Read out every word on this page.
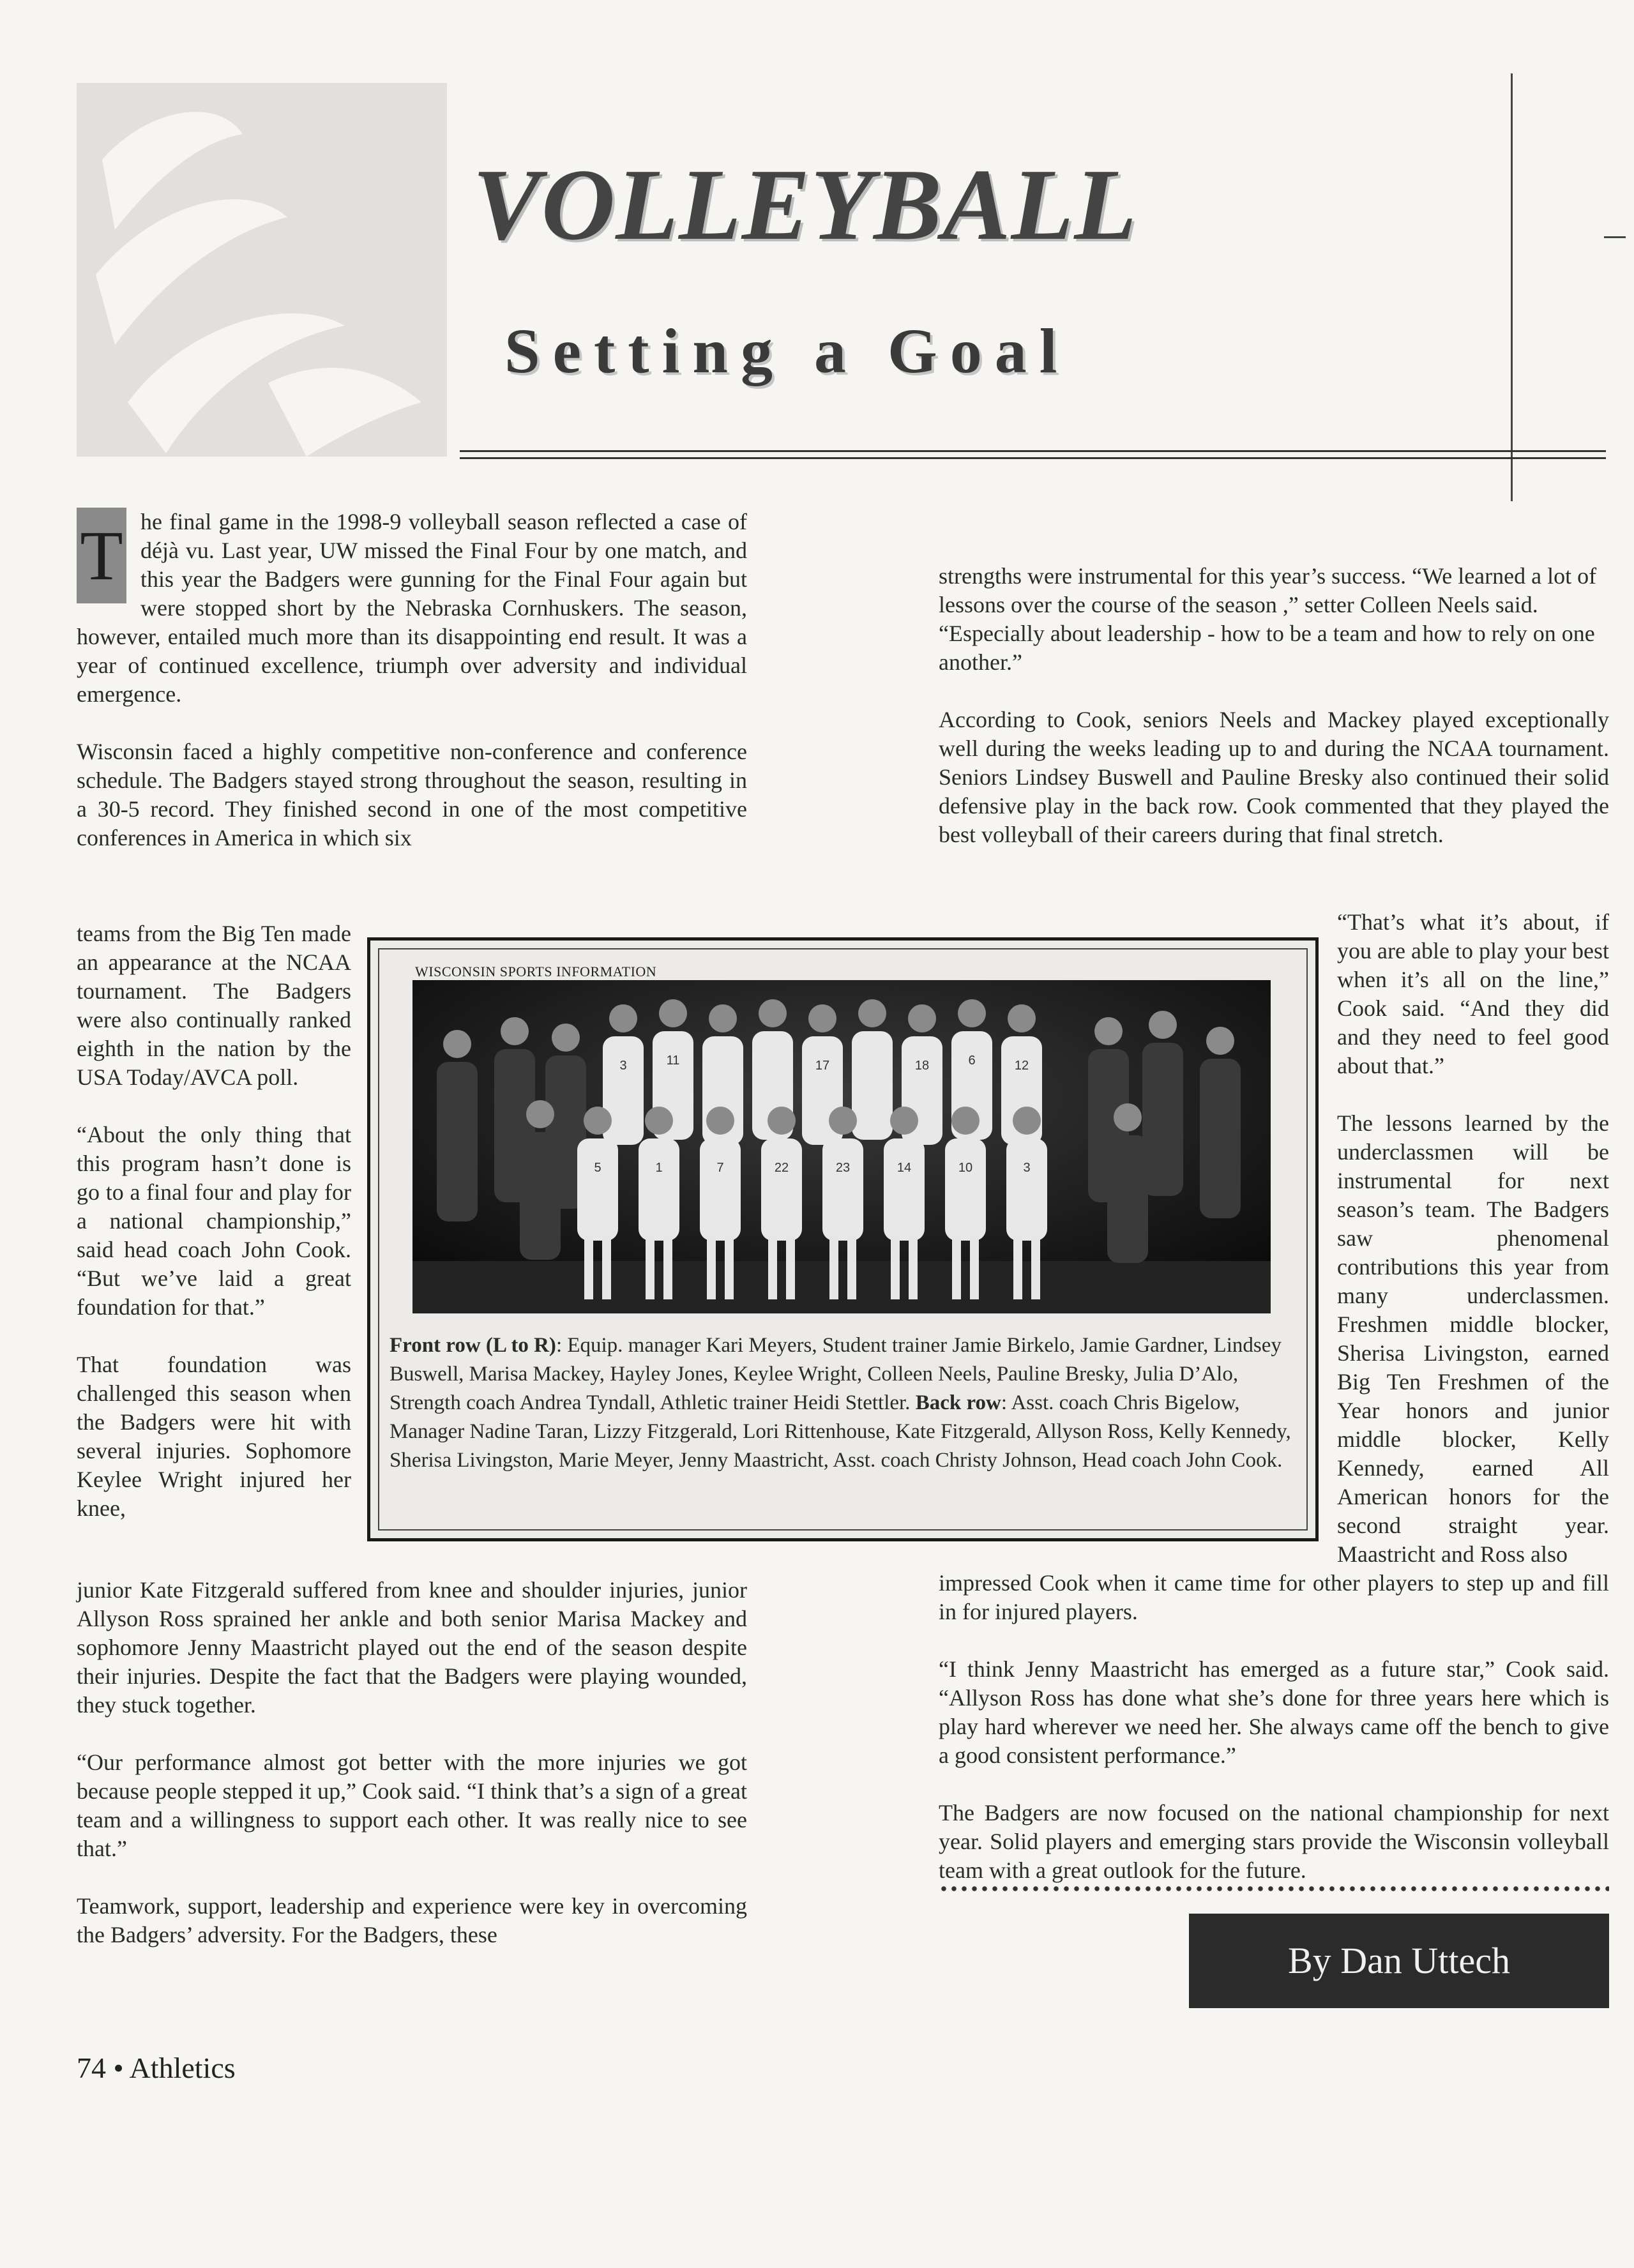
VOLLEYBALL
Setting a Goal
T he final game in the 1998-9 volleyball season reflected a case of déjà vu. Last year, UW missed the Final Four by one match, and this year the Badgers were gunning for the Final Four again but were stopped short by the Nebraska Cornhuskers. The season, however, entailed much more than its disappointing end result. It was a year of continued excellence, triumph over adversity and individual emergence.

Wisconsin faced a highly competitive non-conference and conference schedule. The Badgers stayed strong throughout the season, resulting in a 30-5 record. They finished second in one of the most competitive conferences in America in which six

teams from the Big Ten made an appearance at the NCAA tournament. The Badgers were also continually ranked eighth in the nation by the USA Today/AVCA poll.

“About the only thing that this program hasn’t done is go to a final four and play for a national championship,” said head coach John Cook. “But we’ve laid a great foundation for that.”

That foundation was challenged this season when the Badgers were hit with several injuries. Sophomore Keylee Wright injured her knee,

junior Kate Fitzgerald suffered from knee and shoulder injuries, junior Allyson Ross sprained her ankle and both senior Marisa Mackey and sophomore Jenny Maastricht played out the end of the season despite their injuries. Despite the fact that the Badgers were playing wounded, they stuck together.

“Our performance almost got better with the more injuries we got because people stepped it up,” Cook said. “I think that’s a sign of a great team and a willingness to support each other. It was really nice to see that.”

Teamwork, support, leadership and experience were key in overcoming the Badgers’ adversity. For the Badgers, these

strengths were instrumental for this year’s success. “We learned a lot of lessons over the course of the season ,” setter Colleen Neels said. “Especially about leadership - how to be a team and how to rely on one another.”

According to Cook, seniors Neels and Mackey played exceptionally well during the weeks leading up to and during the NCAA tournament. Seniors Lindsey Buswell and Pauline Bresky also continued their solid defensive play in the back row. Cook commented that they played the best volleyball of their careers during that final stretch.

“That’s what it’s about, if you are able to play your best when it’s all on the line,” Cook said. “And they did and they need to feel good about that.”

The lessons learned by the underclassmen will be instrumental for next season’s team. The Badgers saw phenomenal contributions this year from many underclassmen. Freshmen middle blocker, Sherisa Livingston, earned Big Ten Freshmen of the Year honors and junior middle blocker, Kelly Kennedy, earned All American honors for the second straight year. Maastricht and Ross also

impressed Cook when it came time for other players to step up and fill in for injured players.

“I think Jenny Maastricht has emerged as a future star,” Cook said. “Allyson Ross has done what she’s done for three years here which is play hard wherever we need her. She always came off the bench to give a good consistent performance.”

The Badgers are now focused on the national championship for next year. Solid players and emerging stars provide the Wisconsin volleyball team with a great outlook for the future.

WISCONSIN SPORTS INFORMATION
3	11	17	18	6	12
5	1	7	22	23	14	10	3
Front row (L to R): Equip. manager Kari Meyers, Student trainer Jamie Birkelo, Jamie Gardner, Lindsey Buswell, Marisa Mackey, Hayley Jones, Keylee Wright, Colleen Neels, Pauline Bresky, Julia D’Alo, Strength coach Andrea Tyndall, Athletic trainer Heidi Stettler. Back row: Asst. coach Chris Bigelow, Manager Nadine Taran, Lizzy Fitzgerald, Lori Rittenhouse, Kate Fitzgerald, Allyson Ross, Kelly Kennedy, Sherisa Livingston, Marie Meyer, Jenny Maastricht, Asst. coach Christy Johnson, Head coach John Cook.
By Dan Uttech
74 • Athletics
